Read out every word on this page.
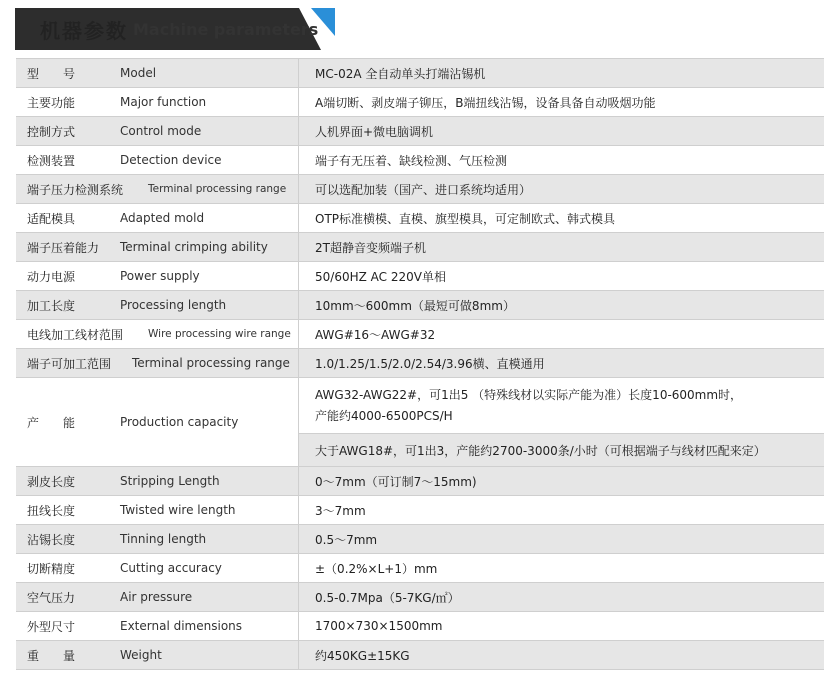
机器参数 Machine parameters
型　　号	Model	MC-02A 全自动单头打端沾锡机
主要功能	Major function	A端切断、剥皮端子铆压，B端扭线沾锡，设备具备自动吸烟功能
控制方式	Control mode	人机界面+微电脑调机
检测装置	Detection device	端子有无压着、缺线检测、气压检测
端子压力检测系统 Terminal processing range	可以选配加装（国产、进口系统均适用）
适配模具	Adapted mold	OTP标准横模、直模、旗型模具，可定制欧式、韩式模具
端子压着能力 Terminal crimping ability	2T超静音变频端子机
动力电源	Power supply	50/60HZ AC 220V单相
加工长度	Processing length	10mm～600mm（最短可做8mm）
电线加工线材范围 Wire processing wire range	AWG#16～AWG#32
端子可加工范围 Terminal processing range	1.0/1.25/1.5/2.0/2.54/3.96横、直模通用
产　　能	Production capacity
AWG32-AWG22#，可1出5 （特殊线材以实际产能为准）长度10-600mm时，
产能约4000-6500PCS/H
大于AWG18#，可1出3，产能约2700-3000条/小时（可根据端子与线材匹配来定）
剥皮长度	Stripping Length	0～7mm（可订制7～15mm)
扭线长度	Twisted wire length	3～7mm
沾锡长度	Tinning length	0.5～7mm
切断精度	Cutting accuracy	±（0.2%×L+1）mm
空气压力	Air pressure	0.5-0.7Mpa（5-7KG/㎡）
外型尺寸	External dimensions	1700×730×1500mm
重　　量	Weight	约450KG±15KG
